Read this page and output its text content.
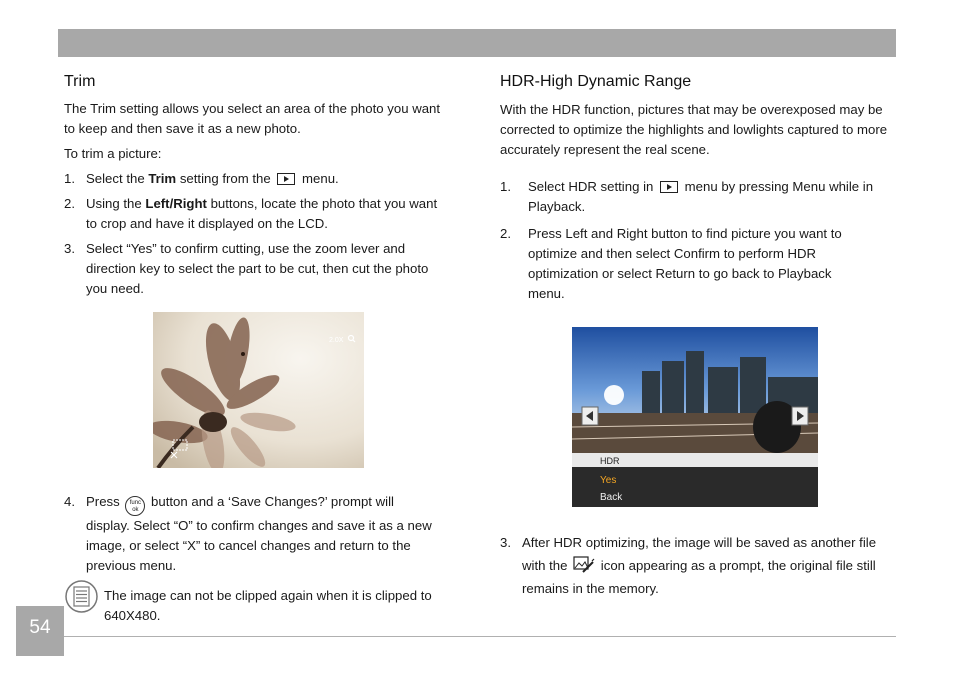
Trim

The Trim setting allows you select an area of the photo you want to keep and then save it as a new photo.

To trim a picture:

1. Select the Trim setting from the  menu.
2. Using the Left/Right buttons, locate the photo that you want to crop and have it displayed on the LCD.
3. Select “Yes” to confirm cutting, use the zoom lever and direction key to select the part to be cut, then cut the photo you need.
2.0X
4. Press func
ok button and a ‘Save Changes?’ prompt will

display. Select “O” to confirm changes and save it as a new image, or select “X” to cancel changes and return to the previous menu.

The image can not be clipped again when it is clipped to 640X480.

HDR-High Dynamic Range

With the HDR function, pictures that may be overexposed may be corrected to optimize the highlights and lowlights captured to more accurately represent the real scene.

1.	Select HDR setting in  menu by pressing Menu while in Playback.
2.	Press Left and Right button to find picture you want to optimize and then select Confirm to perform HDR optimization or select Return to go back to Playback menu.
HDR
Yes
Back
3. After HDR optimizing, the image will be saved as another file with the  icon appearing as a prompt, the original file still remains in the memory.
54
